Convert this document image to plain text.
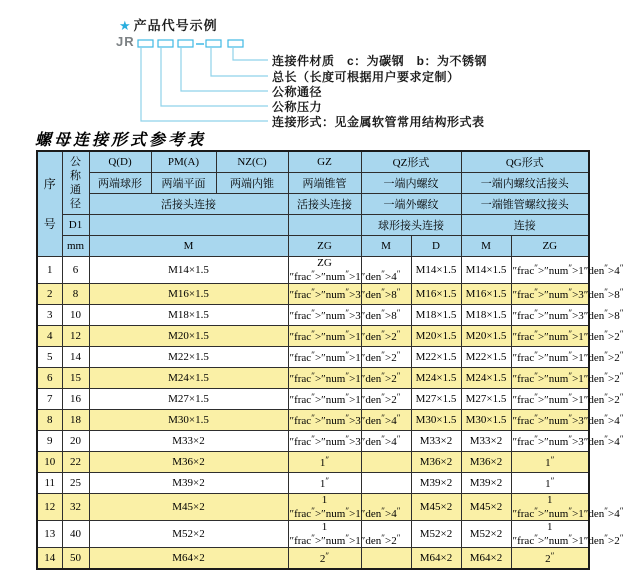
★ 产品代号示例
JR
连接件材质　c：为碳钢　b：为不锈钢
总长（长度可根据用户要求定制）
公称通径
公称压力
连接形式：见金属软管常用结构形式表
螺母连接形式参考表
序号	公称通径	Q(D)	PM(A)	NZ(C)	GZ	QZ形式		QG形式	
		两端球形	两端平面	两端内锥	两端锥管	一端内螺纹		一端内螺纹活接头	
		活接头连接			活接头连接	一端外螺纹		一端锥管螺纹接头	
	D1					球形接头连接		连接	
	mm	M			ZG	M	D	M	ZG
1	6	M14×1.5			ZG ″frac″>″num″>1″ ″ ″		M14×1.5	M14×1.5	″frac″>″num″>1″den″>4″
2	8	M16×1.5			″frac″>″num″>3″ ″ ″		M16×1.5	M16×1.5	″frac″>″num″>3″den″>8″
3	10	M18×1.5			″frac″>″num″>3″ ″ ″		M18×1.5	M18×1.5	″frac″>″num″>3″den″>8″
4	12	M20×1.5			″frac″>″num″>1″ ″ ″		M20×1.5	M20×1.5	″frac″>″num″>1″den″>2″
5	14	M22×1.5			″frac″>″num″>1″ ″ ″		M22×1.5	M22×1.5	″frac″>″num″>1″den″>2″
6	15	M24×1.5			″frac″>″num″>1″ ″ ″		M24×1.5	M24×1.5	″frac″>″num″>1″den″>2″
7	16	M27×1.5			″frac″>″num″>1″ ″ ″		M27×1.5	M27×1.5	″frac″>″num″>1″den″>2″
8	18	M30×1.5			″frac″>″num″>3″ ″ ″		M30×1.5	M30×1.5	″frac″>″num″>3″den″>4″
9	20	M33×2			″frac″>″num″>3″ ″ ″		M33×2	M33×2	″frac″>″num″>3″den″>4″
10	22	M36×2			1″		M36×2	M36×2	1″
11	25	M39×2			1″		M39×2	M39×2	1″
12	32	M45×2			1 ″frac″>″num″>1″ ″ ″		M45×2	M45×2	1 ″frac″>″num″>1″den″>4″
13	40	M52×2			1 ″frac″>″num″>1″ ″ ″		M52×2	M52×2	1 ″frac″>″num″>1″den″>2″
14	50	M64×2			2″		M64×2	M64×2	2″
